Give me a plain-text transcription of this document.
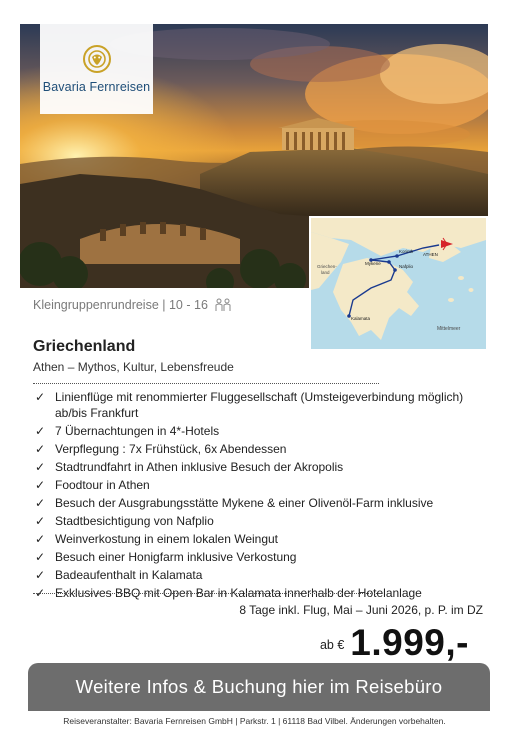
Bavaria Fernreisen
Korinth
Mykene
Nafplio
ATHEN
Kalamata
Griechen-
land
Mittelmeer
Kleingruppenrundreise | 10 - 16
Griechenland
Athen – Mythos, Kultur, Lebensfreude
✓ Linienflüge mit renommierter Fluggesellschaft (Umsteigeverbindung möglich) ab/bis Frankfurt
✓ 7 Übernachtungen in 4*-Hotels
✓ Verpflegung : 7x Frühstück, 6x Abendessen
✓ Stadtrundfahrt in Athen inklusive Besuch der Akropolis
✓ Foodtour in Athen
✓ Besuch der Ausgrabungsstätte Mykene & einer Olivenöl-Farm inklusive
✓ Stadtbesichtigung von Nafplio
✓ Weinverkostung in einem lokalen Weingut
✓ Besuch einer Honigfarm inklusive Verkostung
✓ Badeaufenthalt in Kalamata
✓ Exklusives BBQ mit Open Bar in Kalamata innerhalb der Hotelanlage
8 Tage inkl. Flug, Mai – Juni 2026, p. P. im DZ
$^{ab €}$ 1.999,-
Weitere Infos & Buchung hier im Reisebüro
Reiseveranstalter: Bavaria Fernreisen GmbH | Parkstr. 1 | 61118 Bad Vilbel. Änderungen vorbehalten.
